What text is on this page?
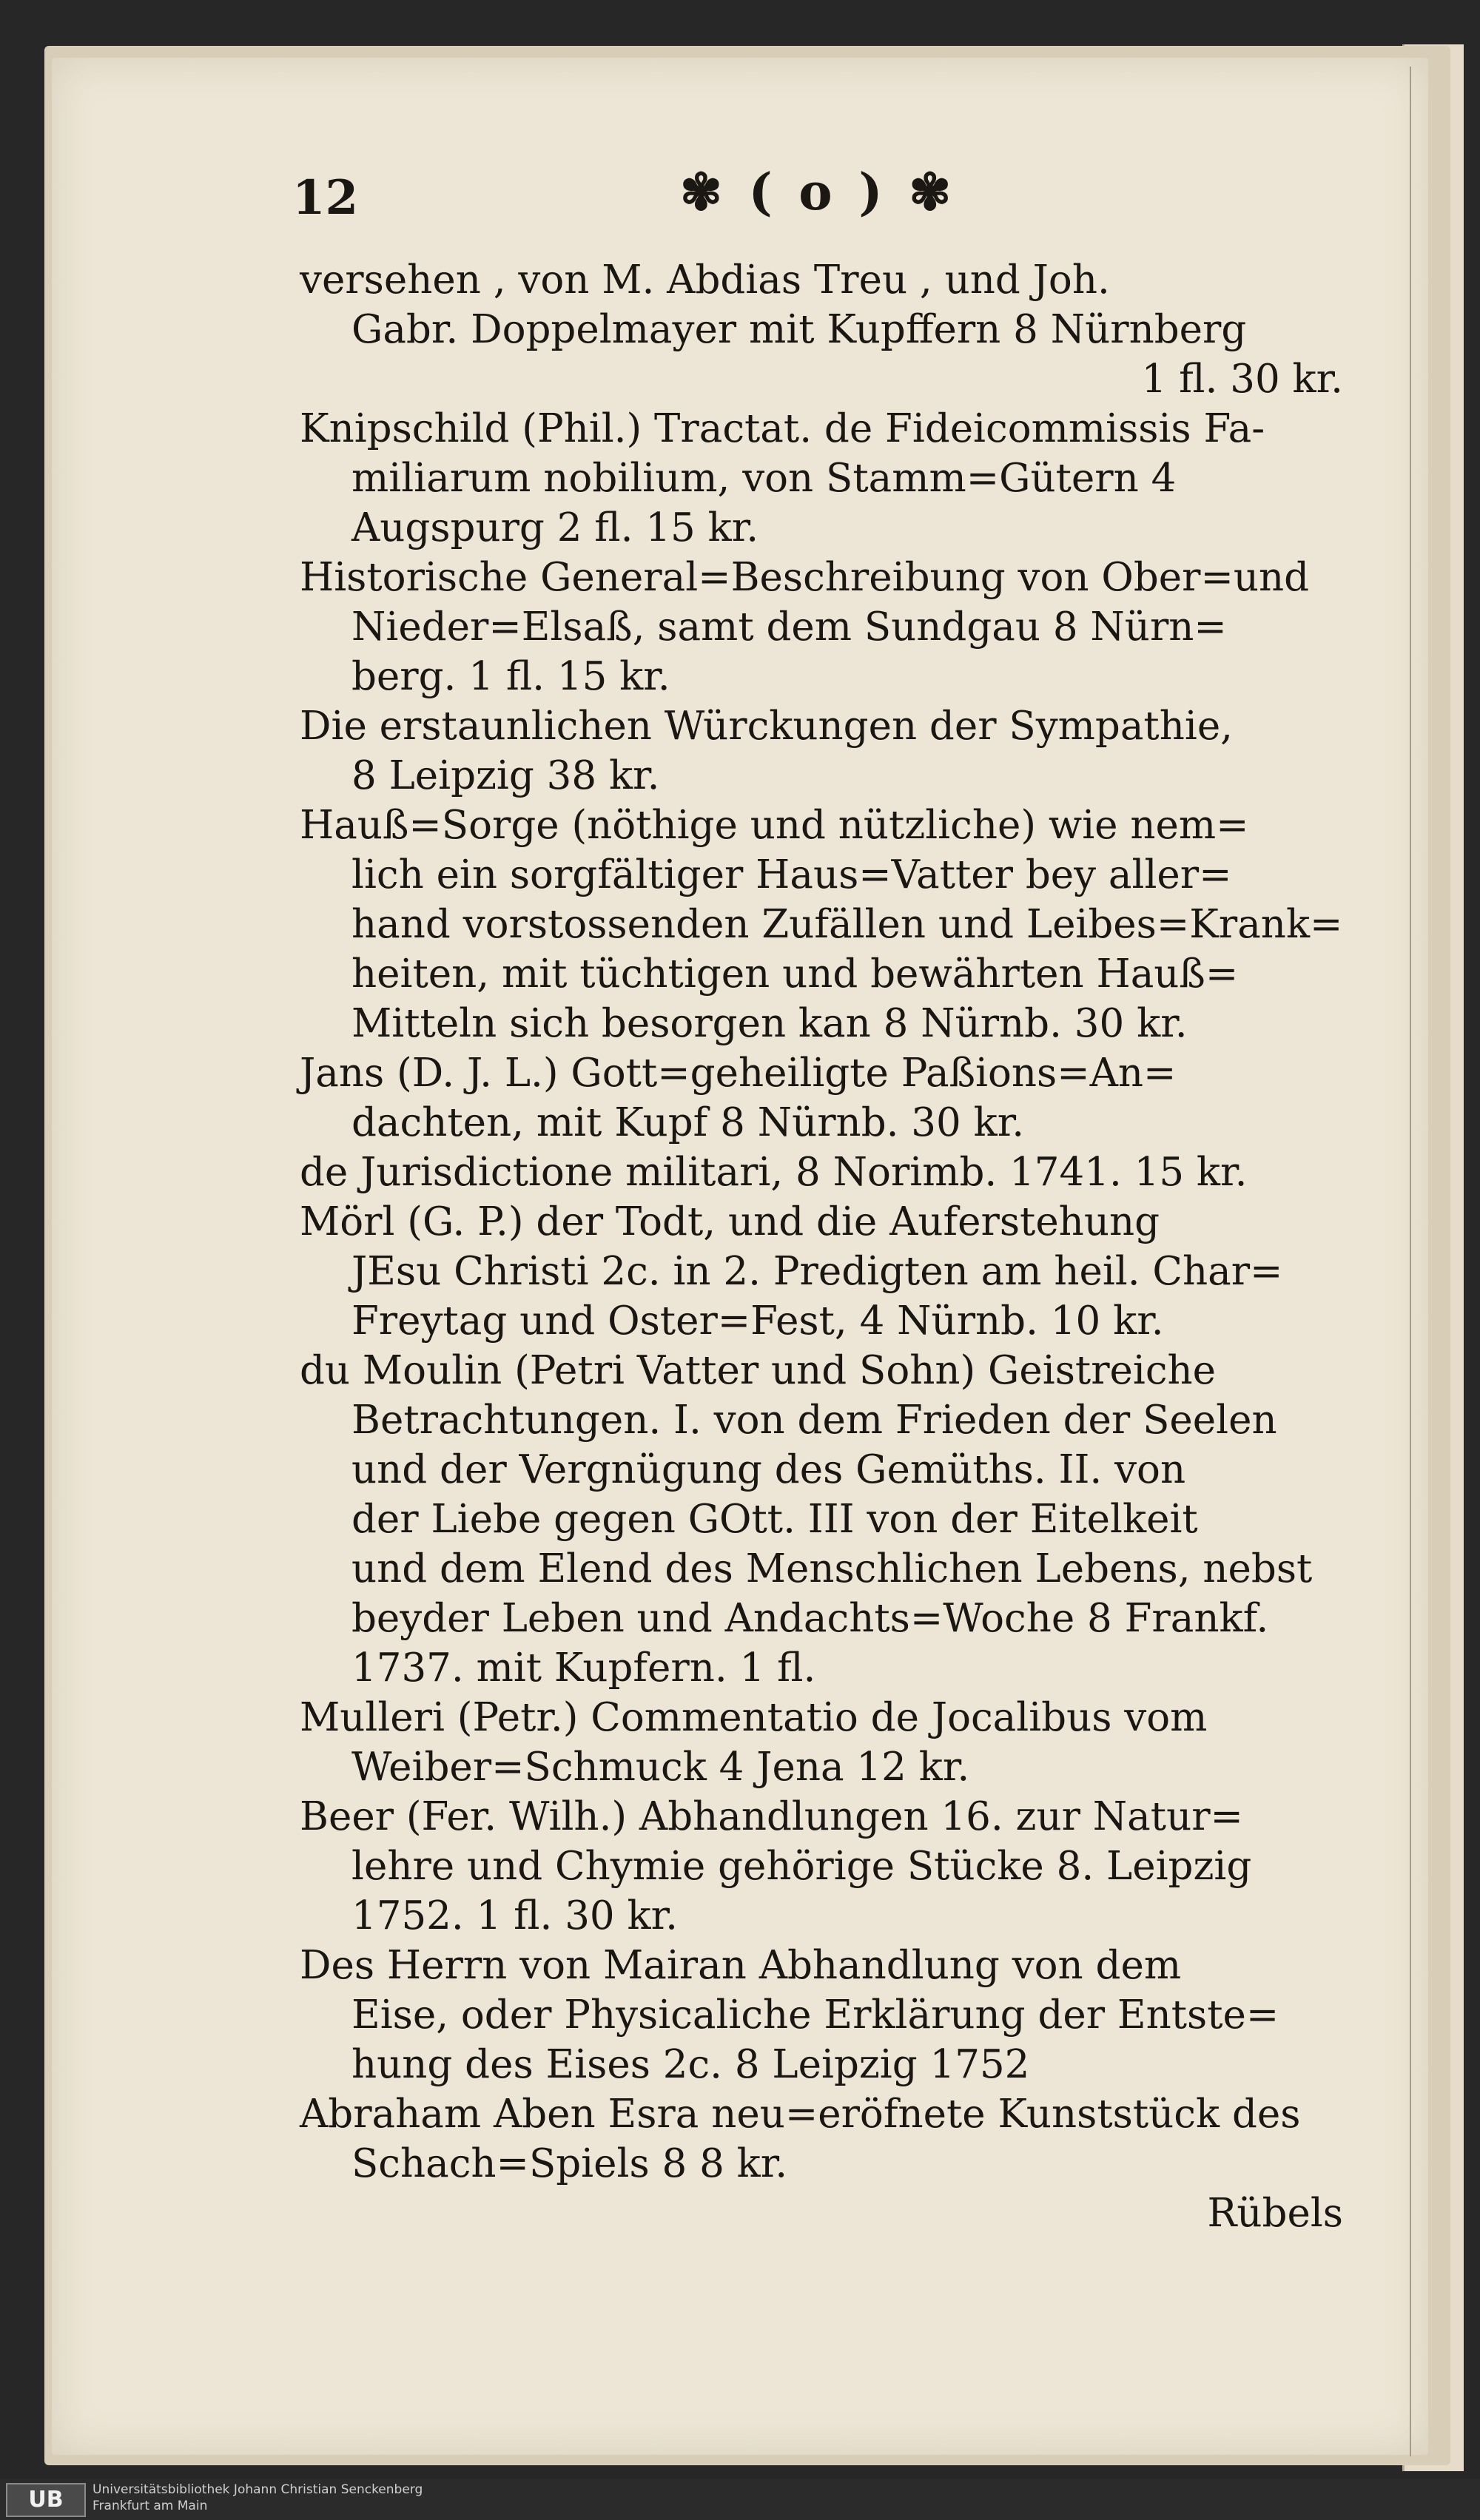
12	✾ ( o ) ✾
versehen , von M. Abdias Treu , und Joh.
Gabr. Doppelmayer mit Kupffern 8 Nürnberg
1 fl. 30 kr.
Knipschild (Phil.) Tractat. de Fideicommissis Fa-
miliarum nobilium, von Stamm=Gütern 4
Augspurg 2 fl. 15 kr.
Historische General=Beschreibung von Ober=und
Nieder=Elsaß, samt dem Sundgau 8 Nürn=
berg. 1 fl. 15 kr.
Die erstaunlichen Würckungen der Sympathie,
8 Leipzig 38 kr.
Hauß=Sorge (nöthige und nützliche) wie nem=
lich ein sorgfältiger Haus=Vatter bey aller=
hand vorstossenden Zufällen und Leibes=Krank=
heiten, mit tüchtigen und bewährten Hauß=
Mitteln sich besorgen kan 8 Nürnb. 30 kr.
Jans (D. J. L.) Gott=geheiligte Paßions=An=
dachten, mit Kupf 8 Nürnb. 30 kr.
de Jurisdictione militari, 8 Norimb. 1741. 15 kr.
Mörl (G. P.) der Todt, und die Auferstehung
JEsu Christi 2c. in 2. Predigten am heil. Char=
Freytag und Oster=Fest, 4 Nürnb. 10 kr.
du Moulin (Petri Vatter und Sohn) Geistreiche
Betrachtungen. I. von dem Frieden der Seelen
und der Vergnügung des Gemüths. II. von
der Liebe gegen GOtt. III von der Eitelkeit
und dem Elend des Menschlichen Lebens, nebst
beyder Leben und Andachts=Woche 8 Frankf.
1737. mit Kupfern. 1 fl.
Mulleri (Petr.) Commentatio de Jocalibus vom
Weiber=Schmuck 4 Jena 12 kr.
Beer (Fer. Wilh.) Abhandlungen 16. zur Natur=
lehre und Chymie gehörige Stücke 8. Leipzig
1752. 1 fl. 30 kr.
Des Herrn von Mairan Abhandlung von dem
Eise, oder Physicaliche Erklärung der Entste=
hung des Eises 2c. 8 Leipzig 1752
Abraham Aben Esra neu=eröfnete Kunststück des
Schach=Spiels 8 8 kr.
Rübels
UB	Universitätsbibliothek Johann Christian Senckenberg
Frankfurt am Main
